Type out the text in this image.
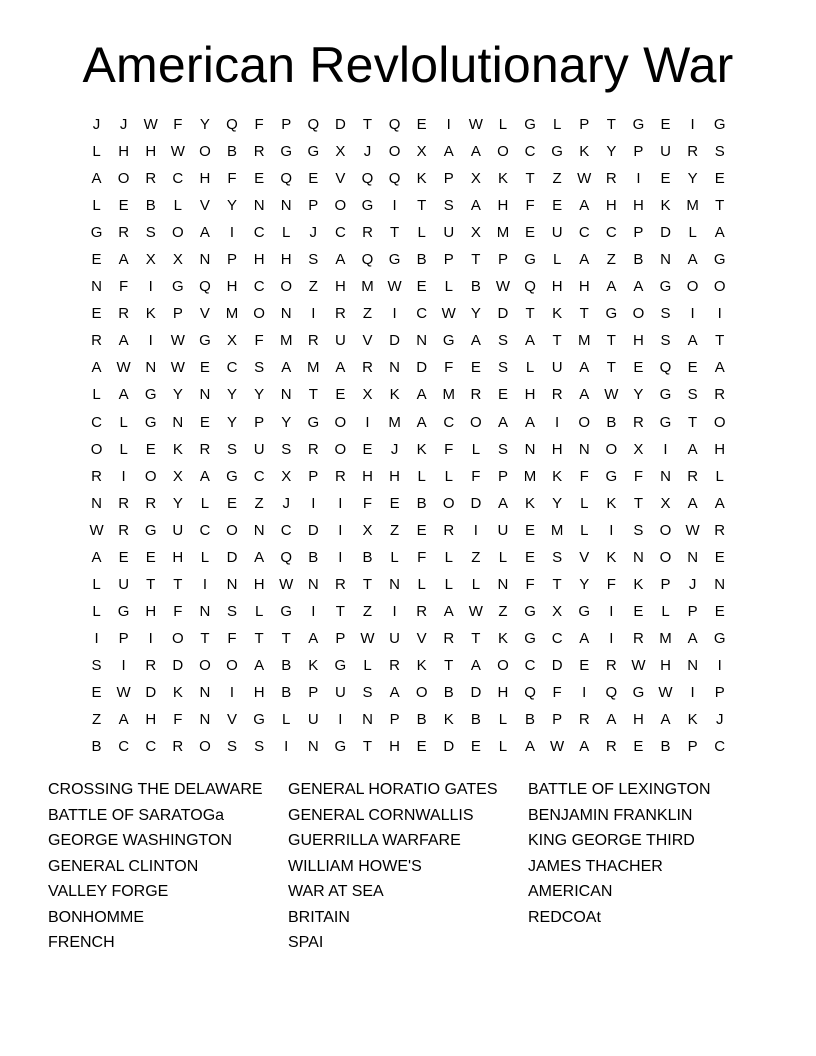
American Revlolutionary War
J	J	W	F	Y	Q	F	P	Q	D	T	Q	E	I	W	L	G	L	P	T	G	E	I	G
L	H	H W O	B	R	G	G	X	J	O	X	A	A	O	C	G	K	Y	P	U	R	S
A	O	R	C	H	F	E	Q	E	V	Q	Q	K	P	X	K	T	Z	W R	I	E	Y	E
L	E	B	L	V	Y	N	N	P	O	G	I	T	S	A	H	F	E	A	H	H	K	M	T
G	R	S	O	A	I	C	L	J	C	R	T	L	U	X	M	E	U	C	C	P	D	L	A
E	A	X	X	N	P	H	H	S	A	Q	G	B	P	T	P	G	L	A	Z	B	N	A	G
N	F	I	G	Q	H	C	O	Z	H	M W	E	L	B	W Q	H	H	A	A	G	O	O
E	R	K	P	V	M	O	N	I	R	Z	I	C W	Y	D	T	K	T	G	O	S	I	I
R	A	I	W G	X	F	M	R	U	V	D	N	G	A	S	A	T	M	T	H	S	A	T
A	W N W	E	C	S	A	M	A	R	N	D	F	E	S	L	U	A	T	E	Q	E	A
L	A	G	Y	N	Y	Y	N	T	E	X	K	A	M	R	E	H	R	A	W	Y	G	S	R
C	L	G	N	E	Y	P	Y	G	O	I	M	A	C	O	A	A	I	O	B	R	G	T	O
O	L	E	K	R	S	U	S	R	O	E	J	K	F	L	S	N	H	N	O	X	I	A	H
R	I	O	X	A	G	C	X	P	R	H	H	L	L	F	P	M	K	F	G	F	N	R	L
N	R	R	Y	L	E	Z	J	I	I	F	E	B	O	D	A	K	Y	L	K	T	X	A	A
W R	G	U	C	O	N	C	D	I	X	Z	E	R	I	U	E	M	L	I	S	O W R
A	E	E	H	L	D	A	Q	B	I	B	L	F	L	Z	L	E	S	V	K	N	O	N	E
L	U	T	T	I	N	H W N	R	T	N	L	L	L	N	F	T	Y	F	K	P	J	N
L	G	H	F	N	S	L	G	I	T	Z	I	R	A	W	Z	G	X	G	I	E	L	P	E
I	P	I	O	T	F	T	T	A	P	W U	V	R	T	K	G	C	A	I	R	M	A	G
S	I	R	D	O	O	A	B	K	G	L	R	K	T	A	O	C	D	E	R W H	N	I
E	W D	K	N	I	H	B	P	U	S	A	O	B	D	H	Q	F	I	Q	G W	I	P
Z	A	H	F	N	V	G	L	U	I	N	P	B	K	B	L	B	P	R	A	H	A	K	J
B	C	C	R	O	S	S	I	N	G	T	H	E	D	E	L	A	W	A	R	E	B	P	C
CROSSING THE DELAWARE
BATTLE OF SARATOGa
GEORGE WASHINGTON
GENERAL CLINTON
VALLEY FORGE
BONHOMME
FRENCH
GENERAL HORATIO GATES
GENERAL CORNWALLIS
GUERRILLA WARFARE
WILLIAM HOWE'S
WAR AT SEA
BRITAIN
SPAI
BATTLE OF LEXINGTON
BENJAMIN FRANKLIN
KING GEORGE THIRD
JAMES THACHER
AMERICAN
REDCOAt
